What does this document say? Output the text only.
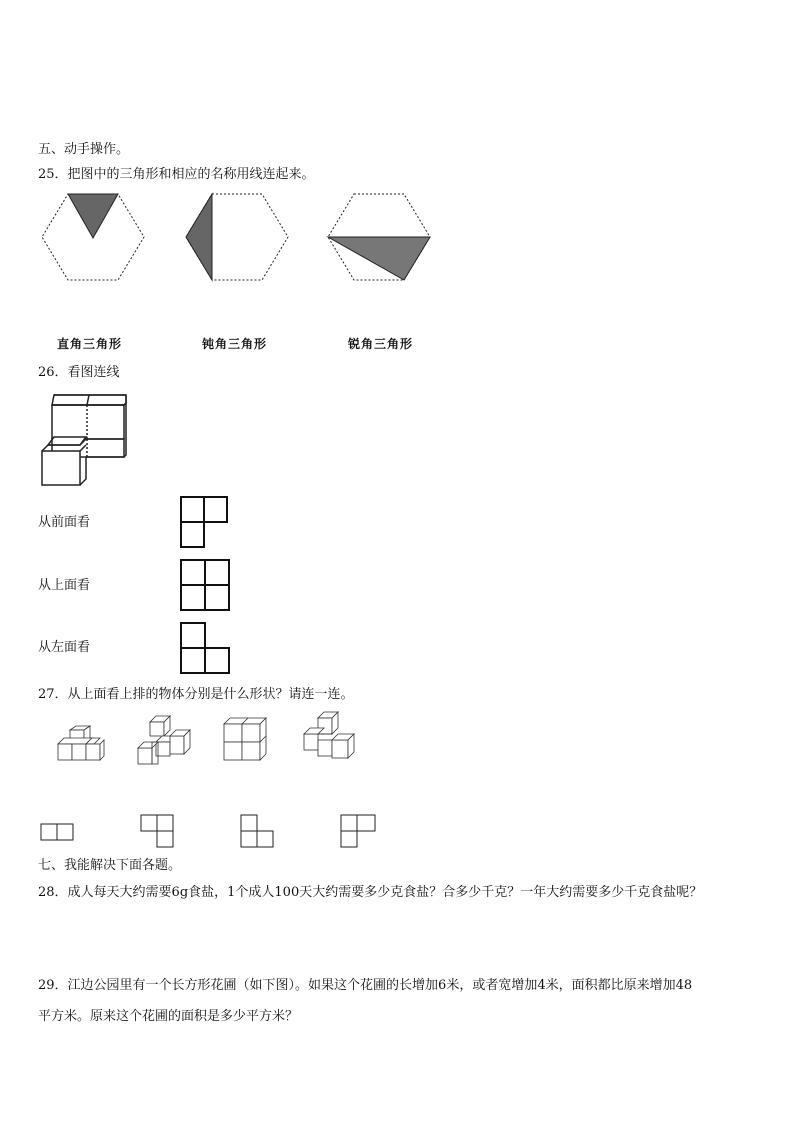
五、动手操作。
25．把图中的三角形和相应的名称用线连起来。
直角三角形	钝角三角形	锐角三角形
26．看图连线
从前面看
从上面看
从左面看
27．从上面看上排的物体分别是什么形状？请连一连。
七、我能解决下面各题。
28．成人每天大约需要6g食盐，1个成人100天大约需要多少克食盐？合多少千克？一年大约需要多少千克食盐呢？
29．江边公园里有一个长方形花圃（如下图）。如果这个花圃的长增加6米，或者宽增加4米，面积都比原来增加48
平方米。原来这个花圃的面积是多少平方米？
